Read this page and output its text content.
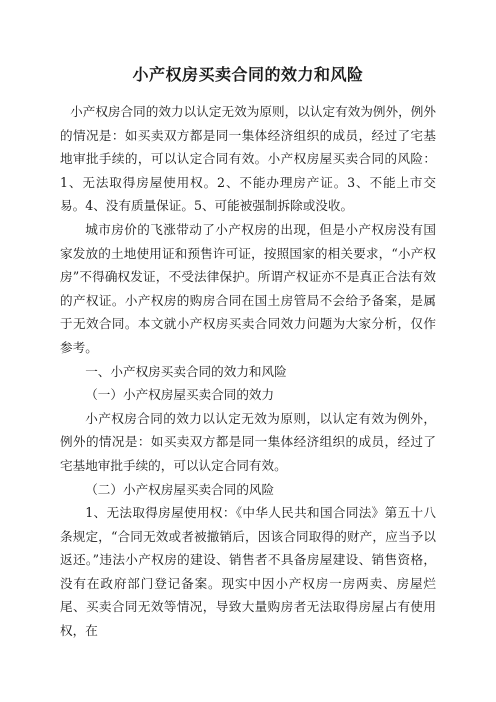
小产权房买卖合同的效力和风险

小产权房合同的效力以认定无效为原则，以认定有效为例外，例外的情况是：如买卖双方都是同一集体经济组织的成员，经过了宅基地审批手续的，可以认定合同有效。小产权房屋买卖合同的风险：1、无法取得房屋使用权。2、不能办理房产证。3、不能上市交易。4、没有质量保证。5、可能被强制拆除或没收。

城市房价的飞涨带动了小产权房的出现，但是小产权房没有国家发放的土地使用证和预售许可证，按照国家的相关要求，“小产权房”不得确权发证，不受法律保护。所谓产权证亦不是真正合法有效的产权证。小产权房的购房合同在国土房管局不会给予备案，是属于无效合同。本文就小产权房买卖合同效力问题为大家分析，仅作参考。

一、小产权房买卖合同的效力和风险

（一）小产权房屋买卖合同的效力

小产权房合同的效力以认定无效为原则，以认定有效为例外，例外的情况是：如买卖双方都是同一集体经济组织的成员，经过了宅基地审批手续的，可以认定合同有效。

（二）小产权房屋买卖合同的风险

1、无法取得房屋使用权：《中华人民共和国合同法》第五十八条规定，“合同无效或者被撤销后，因该合同取得的财产，应当予以返还。”违法小产权房的建设、销售者不具备房屋建设、销售资格，没有在政府部门登记备案。现实中因小产权房一房两卖、房屋烂尾、买卖合同无效等情况，导致大量购房者无法取得房屋占有使用权，在
